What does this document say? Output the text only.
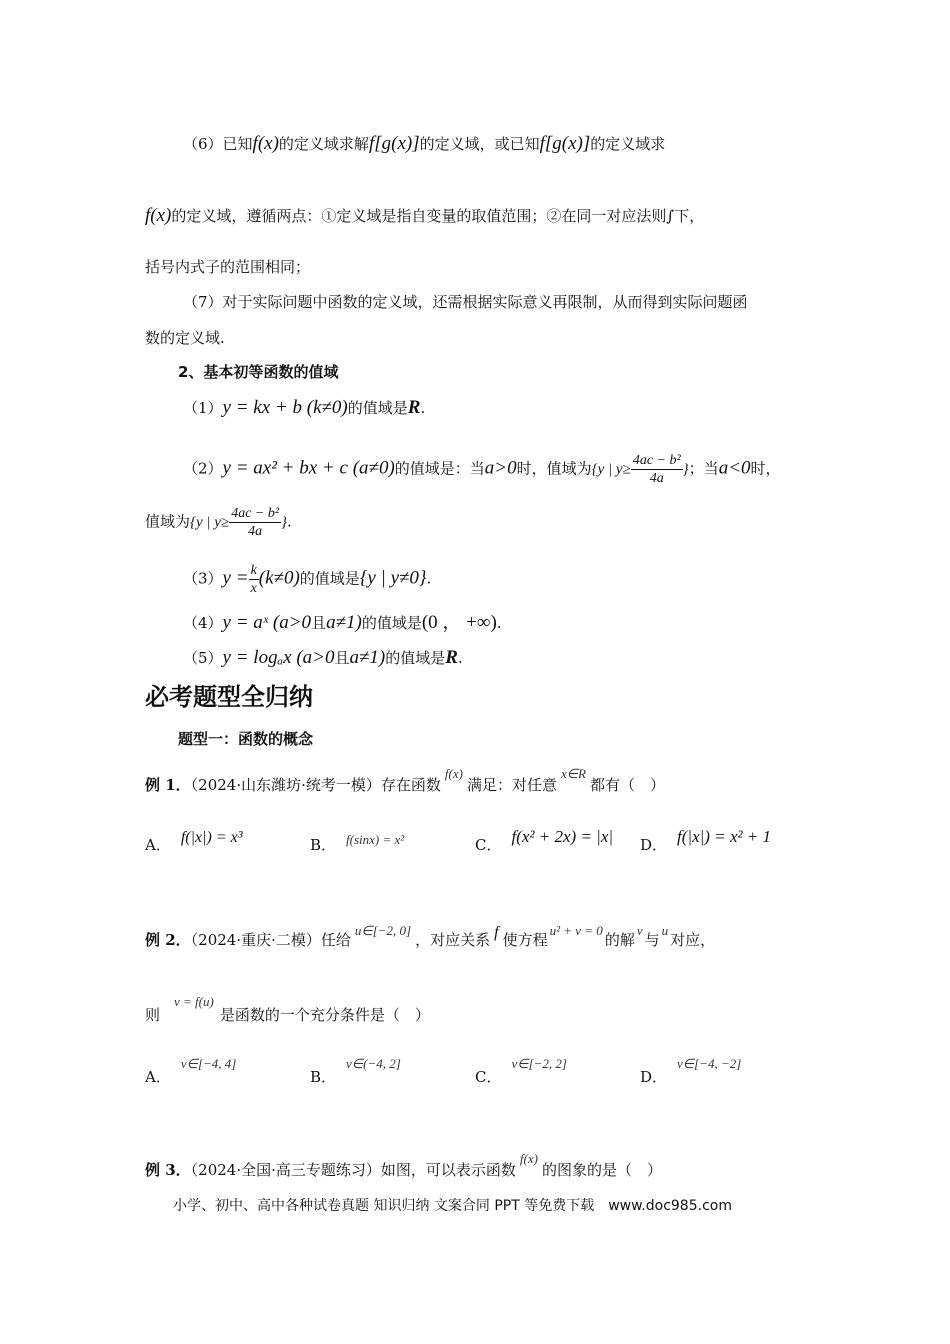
（6）已知f(x)的定义域求解f[g(x)]的定义域，或已知f[g(x)]的定义域求
f(x)的定义域，遵循两点：①定义域是指自变量的取值范围；②在同一对应法则∫下，
括号内式子的范围相同；
（7）对于实际问题中函数的定义域，还需根据实际意义再限制，从而得到实际问题函
数的定义域.
2、基本初等函数的值域
（1）y = kx + b (k≠0)的值域是R.
（2）y = ax² + bx + c (a≠0)的值域是：当a>0时，值域为{y | $y\ge \frac{\text{4ac − b²}}{4a}$ }；当a<0时，
值域为{y | $y\ge \frac{\text{4ac − b²}}{4a}$ }.
$(3)y = \frac{k}{x} (k\ne 0)$的值域是{y | y≠0}.
（4）y = aˣ (a>0且a≠1)的值域是(0 ， +∞).
（5）y = logₐx (a>0且a≠1)的值域是R.
必考题型全归纳
题型一：函数的概念
例 1．（2024·山东潍坊·统考一模）存在函数f(x)满足：对任意x∈R都有（　）
A． f(|x|) = x³	B． f(sinx) = x²	C． f(x² + 2x) = |x| D． f(|x|) = x² + 1
例 2．（2024·重庆·二模）任给u∈[−2, 0]，对应关系 f 使方程u² + v = 0的解v与u对应，
则v = f(u)是函数的一个充分条件是（　）
A．v∈[−4, 4]
B．v∈(−4, 2]
C．v∈[−2, 2]
D．v∈[−4, −2]
例 3．（2024·全国·高三专题练习）如图，可以表示函数f(x)的图象的是（　）
小学、初中、高中各种试卷真题 知识归纳 文案合同 PPT 等免费下载　www.doc985.com
